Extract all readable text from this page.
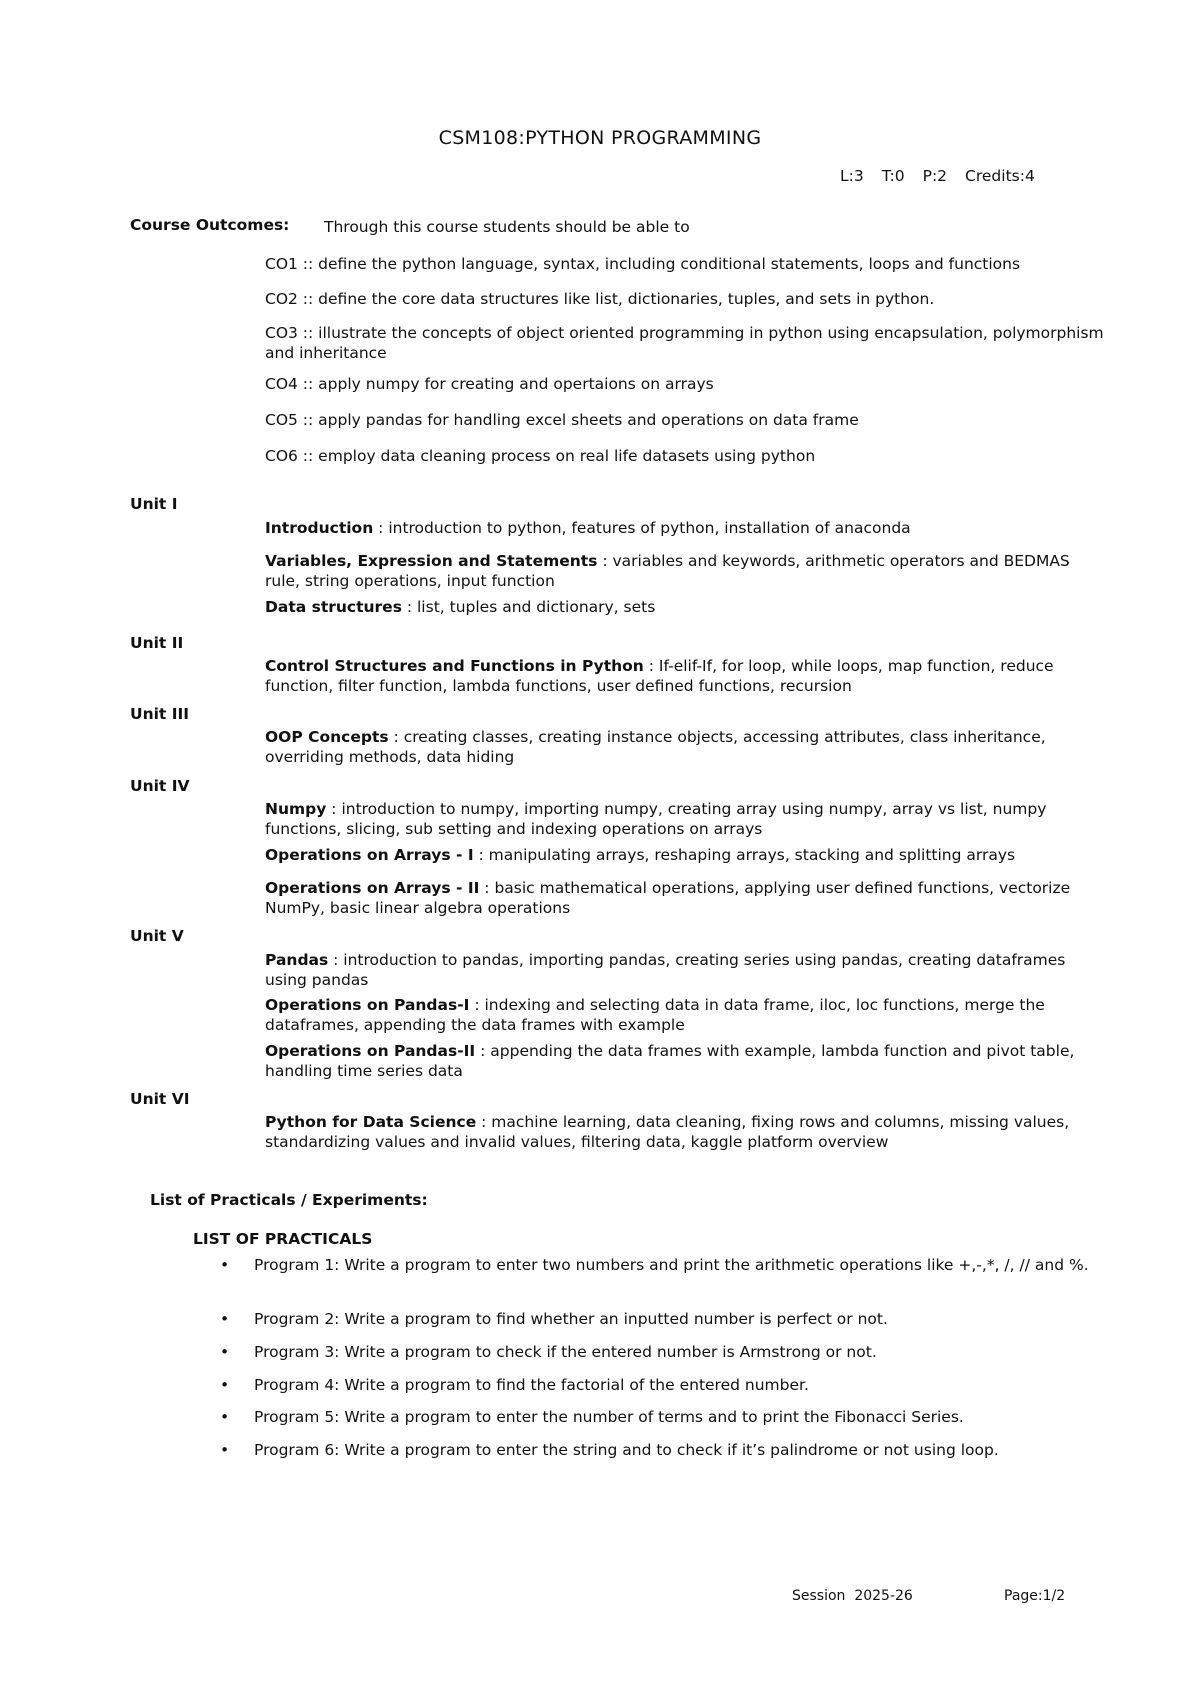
CSM108:PYTHON PROGRAMMING
L:3 T:0 P:2 Credits:4
Course Outcomes: Through this course students should be able to
CO1 :: define the python language, syntax, including conditional statements, loops and functions
CO2 :: define the core data structures like list, dictionaries, tuples, and sets in python.
CO3 :: illustrate the concepts of object oriented programming in python using encapsulation, polymorphism and inheritance
CO4 :: apply numpy for creating and opertaions on arrays
CO5 :: apply pandas for handling excel sheets and operations on data frame
CO6 :: employ data cleaning process on real life datasets using python
Unit I
Introduction : introduction to python, features of python, installation of anaconda
Variables, Expression and Statements : variables and keywords, arithmetic operators and BEDMAS rule, string operations, input function
Data structures : list, tuples and dictionary, sets
Unit II
Control Structures and Functions in Python : If-elif-If, for loop, while loops, map function, reduce function, filter function, lambda functions, user defined functions, recursion
Unit III
OOP Concepts : creating classes, creating instance objects, accessing attributes, class inheritance, overriding methods, data hiding
Unit IV
Numpy : introduction to numpy, importing numpy, creating array using numpy, array vs list, numpy functions, slicing, sub setting and indexing operations on arrays
Operations on Arrays - I : manipulating arrays, reshaping arrays, stacking and splitting arrays
Operations on Arrays - II : basic mathematical operations, applying user defined functions, vectorize NumPy, basic linear algebra operations
Unit V
Pandas : introduction to pandas, importing pandas, creating series using pandas, creating dataframes using pandas
Operations on Pandas-I : indexing and selecting data in data frame, iloc, loc functions, merge the dataframes, appending the data frames with example
Operations on Pandas-II : appending the data frames with example, lambda function and pivot table, handling time series data
Unit VI
Python for Data Science : machine learning, data cleaning, fixing rows and columns, missing values, standardizing values and invalid values, filtering data, kaggle platform overview
List of Practicals / Experiments:
LIST OF PRACTICALS
• Program 1: Write a program to enter two numbers and print the arithmetic operations like +,-,*, /, // and %.
• Program 2: Write a program to find whether an inputted number is perfect or not.
• Program 3: Write a program to check if the entered number is Armstrong or not.
• Program 4: Write a program to find the factorial of the entered number.
• Program 5: Write a program to enter the number of terms and to print the Fibonacci Series.
• Program 6: Write a program to enter the string and to check if it’s palindrome or not using loop.
Session  2025-26	Page:1/2
